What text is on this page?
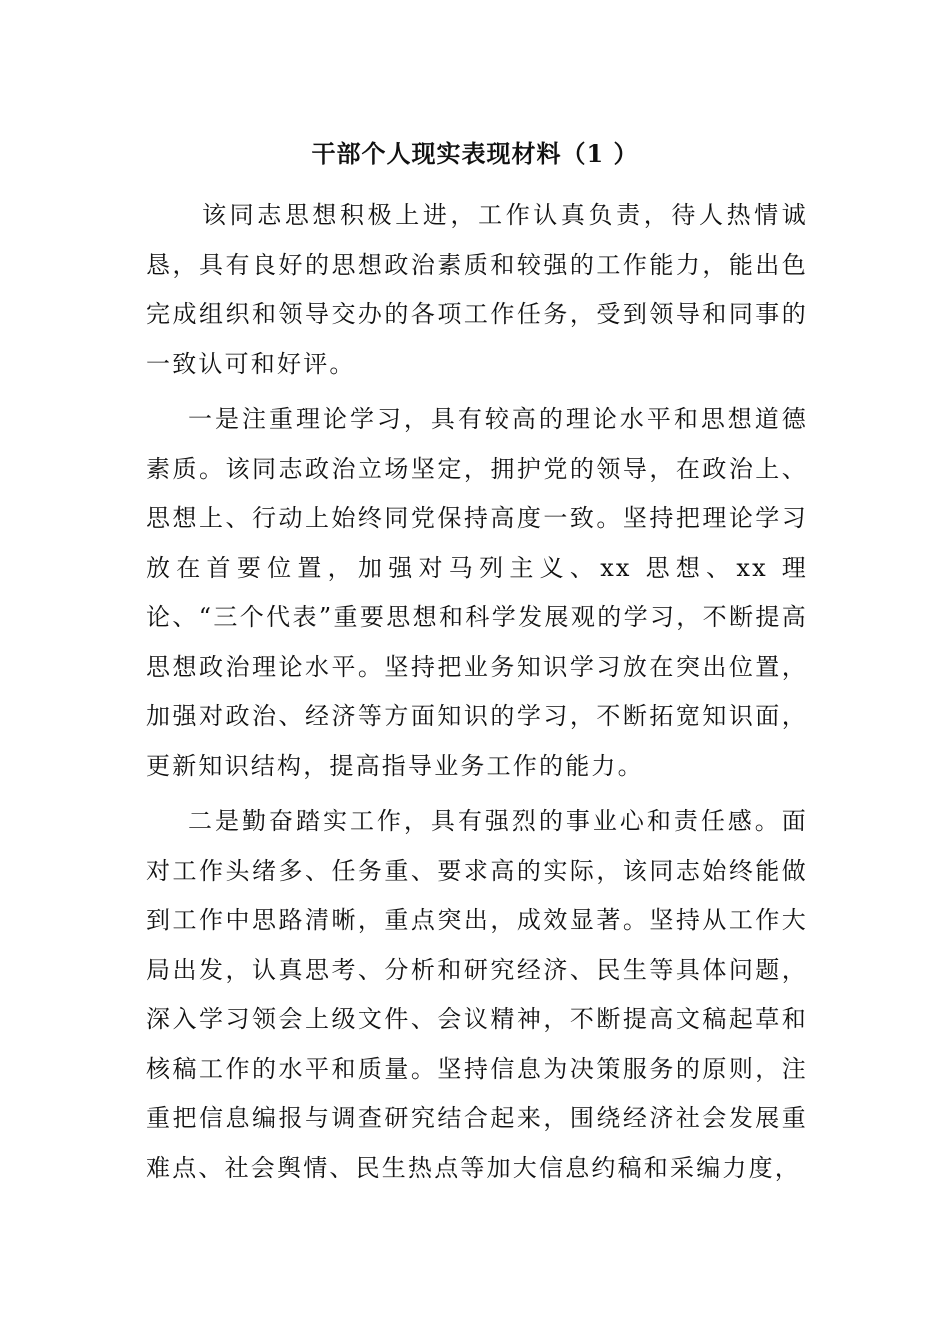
干部个人现实表现材料（1 ）

该同志思想积极上进，工作认真负责，待人热情诚恳，具有良好的思想政治素质和较强的工作能力，能出色完成组织和领导交办的各项工作任务，受到领导和同事的一致认可和好评。

一是注重理论学习，具有较高的理论水平和思想道德素质。该同志政治立场坚定，拥护党的领导，在政治上、思想上、行动上始终同党保持高度一致。坚持把理论学习放在首要位置，加强对马列主义、xx 思想、xx 理论、“三个代表”重要思想和科学发展观的学习，不断提高思想政治理论水平。坚持把业务知识学习放在突出位置，加强对政治、经济等方面知识的学习，不断拓宽知识面，更新知识结构，提高指导业务工作的能力。

二是勤奋踏实工作，具有强烈的事业心和责任感。面对工作头绪多、任务重、要求高的实际，该同志始终能做到工作中思路清晰，重点突出，成效显著。坚持从工作大局出发，认真思考、分析和研究经济、民生等具体问题，深入学习领会上级文件、会议精神，不断提高文稿起草和核稿工作的水平和质量。坚持信息为决策服务的原则，注重把信息编报与调查研究结合起来，围绕经济社会发展重难点、社会舆情、民生热点等加大信息约稿和采编力度，
